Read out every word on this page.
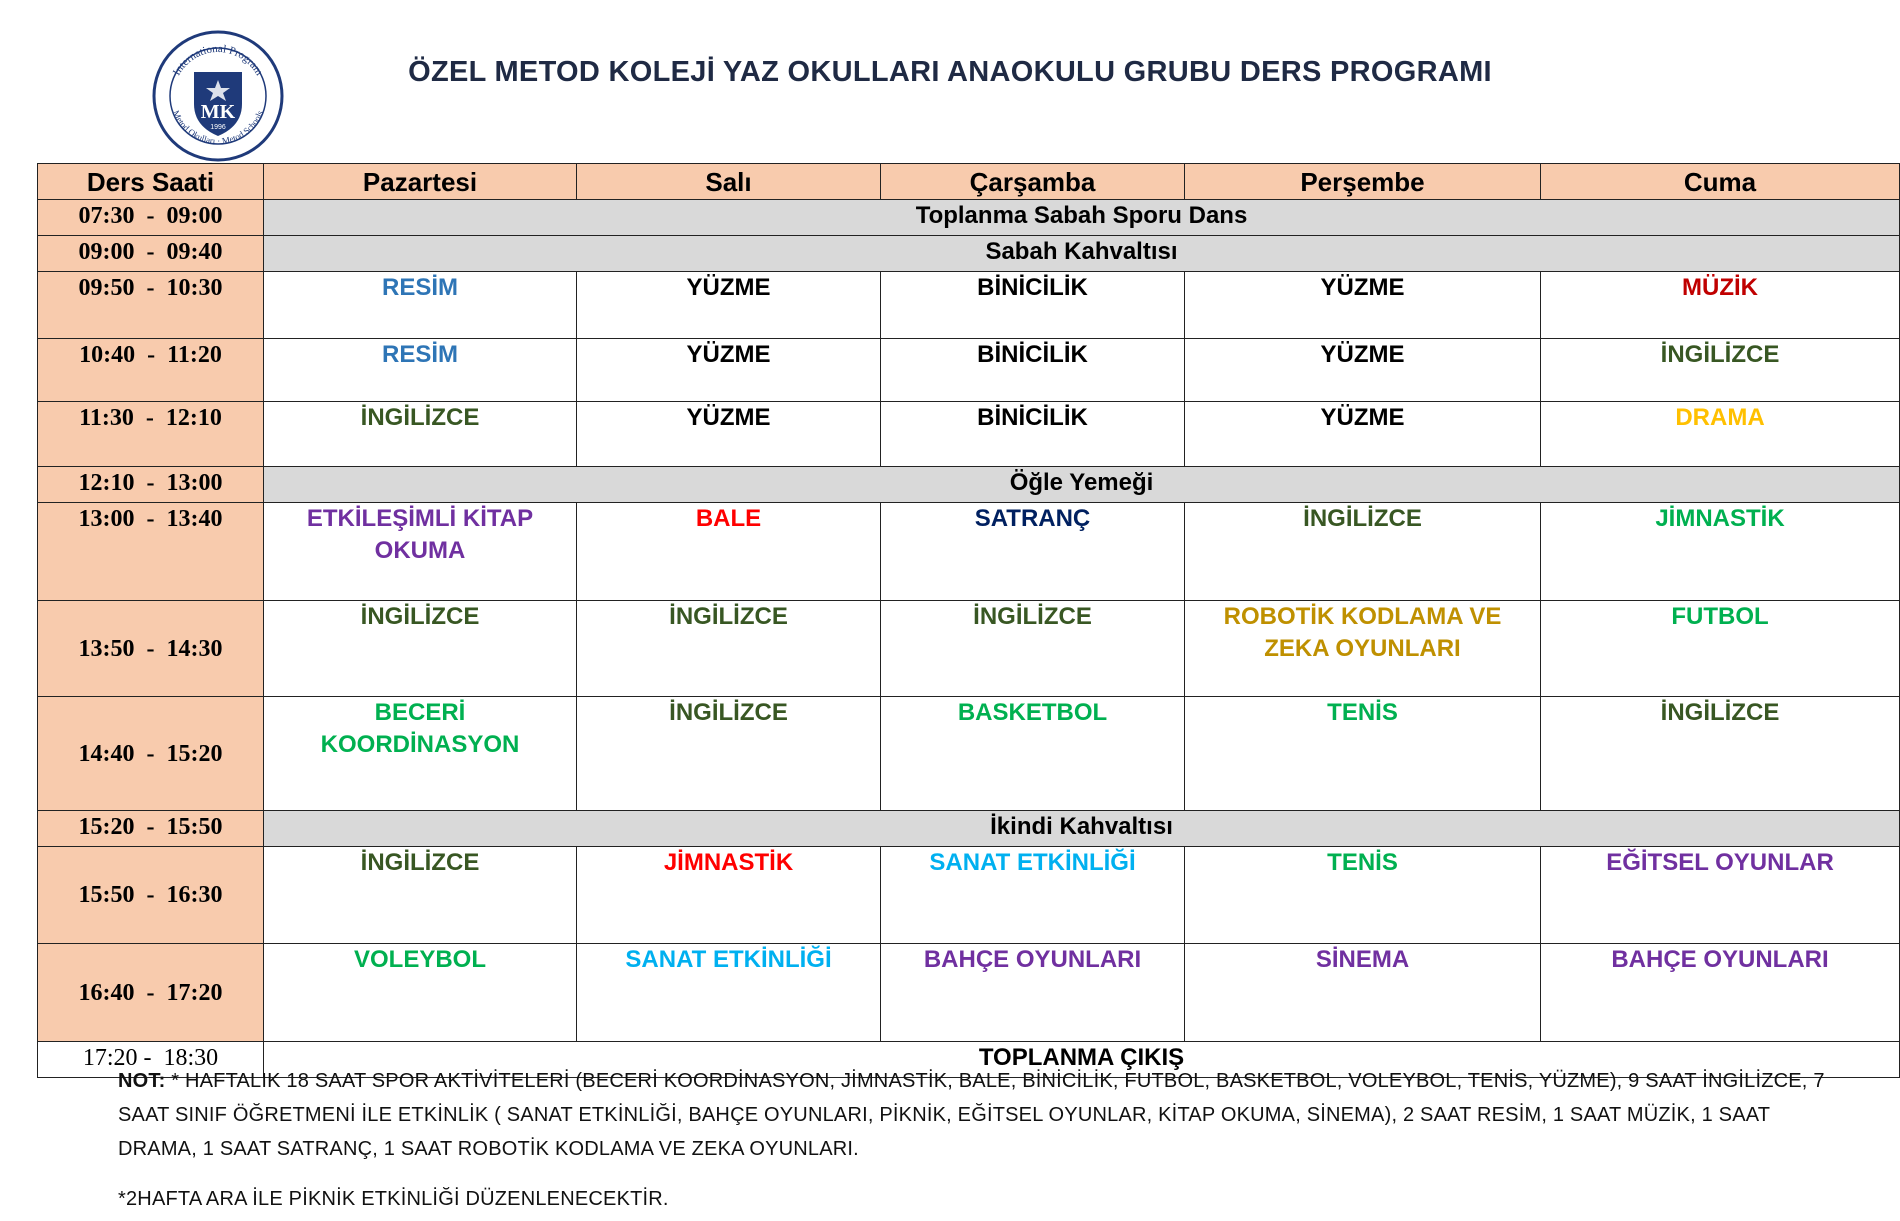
MK
1996
International Program
Metod Okulları · Metod Schools
ÖZEL METOD KOLEJİ YAZ OKULLARI ANAOKULU GRUBU DERS PROGRAMI
Ders Saati	Pazartesi	Salı	Çarşamba	Perşembe	Cuma
07:30  -  09:00	Toplanma Sabah Sporu Dans				
09:00  -  09:40	Sabah Kahvaltısı				
09:50  -  10:30	RESİM	YÜZME	BİNİCİLİK	YÜZME	MÜZİK
10:40  -  11:20	RESİM	YÜZME	BİNİCİLİK	YÜZME	İNGİLİZCE
11:30  -  12:10	İNGİLİZCE	YÜZME	BİNİCİLİK	YÜZME	DRAMA
12:10  -  13:00	Öğle Yemeği				
13:00  -  13:40	ETKİLEŞİMLİ KİTAP OKUMA	BALE	SATRANÇ	İNGİLİZCE	JİMNASTİK
13:50  -  14:30	İNGİLİZCE	İNGİLİZCE	İNGİLİZCE	ROBOTİK KODLAMA VE ZEKA OYUNLARI	FUTBOL
14:40  -  15:20	BECERİ KOORDİNASYON	İNGİLİZCE	BASKETBOL	TENİS	İNGİLİZCE
15:20  -  15:50	İkindi Kahvaltısı				
15:50  -  16:30	İNGİLİZCE	JİMNASTİK	SANAT ETKİNLİĞİ	TENİS	EĞİTSEL OYUNLAR
16:40  -  17:20	VOLEYBOL	SANAT ETKİNLİĞİ	BAHÇE OYUNLARI	SİNEMA	BAHÇE OYUNLARI
17:20 -  18:30	TOPLANMA ÇIKIŞ				

NOT: * HAFTALIK 18 SAAT SPOR AKTİVİTELERİ (BECERİ KOORDİNASYON, JİMNASTİK, BALE, BİNİCİLİK, FUTBOL, BASKETBOL, VOLEYBOL, TENİS, YÜZME), 9 SAAT İNGİLİZCE, 7 SAAT SINIF ÖĞRETMENİ İLE ETKİNLİK ( SANAT ETKİNLİĞİ, BAHÇE OYUNLARI, PİKNİK, EĞİTSEL OYUNLAR, KİTAP OKUMA, SİNEMA), 2 SAAT RESİM, 1 SAAT MÜZİK, 1 SAAT DRAMA, 1 SAAT SATRANÇ, 1 SAAT ROBOTİK KODLAMA VE ZEKA OYUNLARI.

*2HAFTA ARA İLE PİKNİK ETKİNLİĞİ DÜZENLENECEKTİR.
